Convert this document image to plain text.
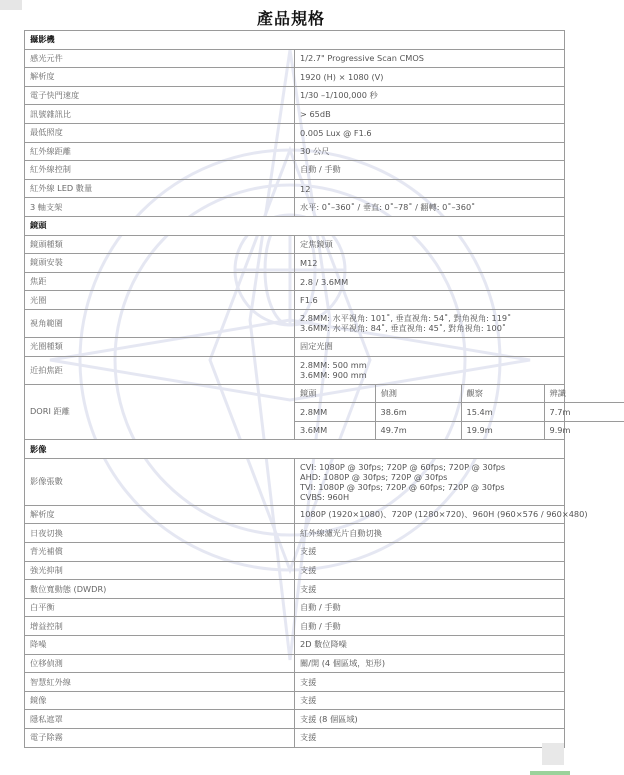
產品規格
攝影機
感光元件	1/2.7" Progressive Scan CMOS
解析度	1920 (H) × 1080 (V)
電子快門速度	1/30 –1/100,000 秒
訊號雜訊比	> 65dB
最低照度	0.005 Lux @ F1.6
紅外線距離	30 公尺
紅外線控制	自動 / 手動
紅外線 LED 數量	12
3 軸支架	水平: 0˚–360˚ / 垂直: 0˚–78˚ / 翻轉: 0˚–360˚
鏡頭
鏡頭種類	定焦鏡頭
鏡頭安裝	M12
焦距	2.8 / 3.6MM
光圈	F1.6
視角範圍	2.8MM: 水平視角: 101˚, 垂直視角: 54˚, 對角視角: 119˚
3.6MM: 水平視角: 84˚, 垂直視角: 45˚, 對角視角: 100˚

光圈種類	固定光圈
近拍焦距	2.8MM: 500 mm
3.6MM: 900 mm

DORI 距離	
鏡頭	偵測	觀察	辨識	
2.8MM	38.6m	15.4m	7.7m	
3.6MM	49.7m	19.9m	9.9m	

影像
影像張數	
CVI: 1080P @ 30fps; 720P @ 60fps; 720P @ 30fps
AHD: 1080P @ 30fps; 720P @ 30fps
TVI: 1080P @ 30fps; 720P @ 60fps; 720P @ 30fps
CVBS: 960H

解析度	1080P (1920×1080)、720P (1280×720)、960H (960×576 / 960×480)
日夜切換	紅外線濾光片自動切換
背光補償	支援
強光抑制	支援
數位寬動態 (DWDR)	支援
白平衡	自動 / 手動
增益控制	自動 / 手動
降噪	2D 數位降噪
位移偵測	關/開 (4 個區域，矩形)
智慧紅外線	支援
鏡像	支援
隱私遮罩	支援 (8 個區域)
電子除霧	支援
